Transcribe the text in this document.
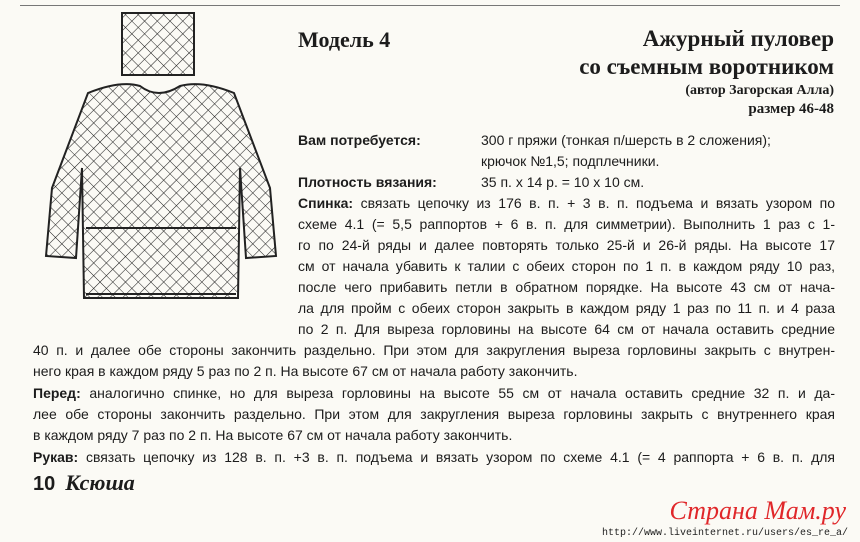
Модель 4	Ажурный пуловер
со съемным воротником
(автор Загорская Алла)
размер 46-48
Вам потребуется:	300 г пряжи (тонкая п/шерсть в 2 сложения);
крючок №1,5; подплечники.
Плотность вязания:	35 п. х 14 р. = 10 х 10 см.
Спинка: связать цепочку из 176 в. п. + 3 в. п. подъема и вязать узором по
схеме 4.1 (= 5,5 раппортов + 6 в. п. для симметрии). Выполнить 1 раз с 1-
го по 24-й ряды и далее повторять только 25-й и 26-й ряды. На высоте 17
см от начала убавить к талии с обеих сторон по 1 п. в каждом ряду 10 раз,
после чего прибавить петли в обратном порядке. На высоте 43 см от нача-
ла для пройм с обеих сторон закрыть в каждом ряду 1 раз по 11 п. и 4 раза
по 2 п. Для выреза горловины на высоте 64 см от начала оставить средние
40 п. и далее обе стороны закончить раздельно. При этом для закругления выреза горловины закрыть с внутрен-
него края в каждом ряду 5 раз по 2 п. На высоте 67 см от начала работу закончить.
Перед: аналогично спинке, но для выреза горловины на высоте 55 см от начала оставить средние 32 п. и да-
лее обе стороны закончить раздельно. При этом для закругления выреза горловины закрыть с внутреннего края
в каждом ряду 7 раз по 2 п. На высоте 67 см от начала работу закончить.
Рукав: связать цепочку из 128 в. п. +3 в. п. подъема и вязать узором по схеме 4.1 (= 4 раппорта + 6 в. п. для
10 Ксюша
Страна Мам.ру
http://www.liveinternet.ru/users/es_re_a/
